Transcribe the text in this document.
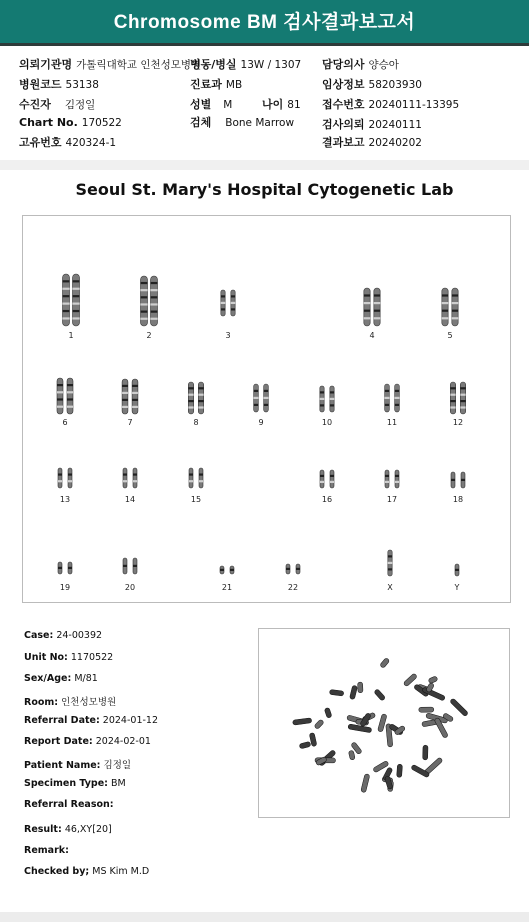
Chromosome BM 검사결과보고서
의뢰기관명 가톨릭대학교 인천성모병원
병동/병실 13W / 1307 담당의사 양승아
병원코드 53138	진료과 MB	임상정보 58203930
수진자 김정일	성별 M	나이 81 접수번호 20240111-13395
Chart No. 170522	검체 Bone Marrow	검사의뢰 20240111
고유번호 420324-1	결과보고 20240202
Seoul St. Mary's Hospital Cytogenetic Lab
1	2	3	4	5
6	7	8	9	10	11	12
13	14	15	16	17	18
19	20	21	22	X	Y
Case: 24-00392
Unit No: 1170522
Sex/Age: M/81
Room: 인천성모병원
Referral Date: 2024-01-12
Report Date: 2024-02-01
Patient Name: 김정일
Specimen Type: BM
Referral Reason:
Result: 46,XY[20]
Remark:
Checked by; MS Kim M.D
